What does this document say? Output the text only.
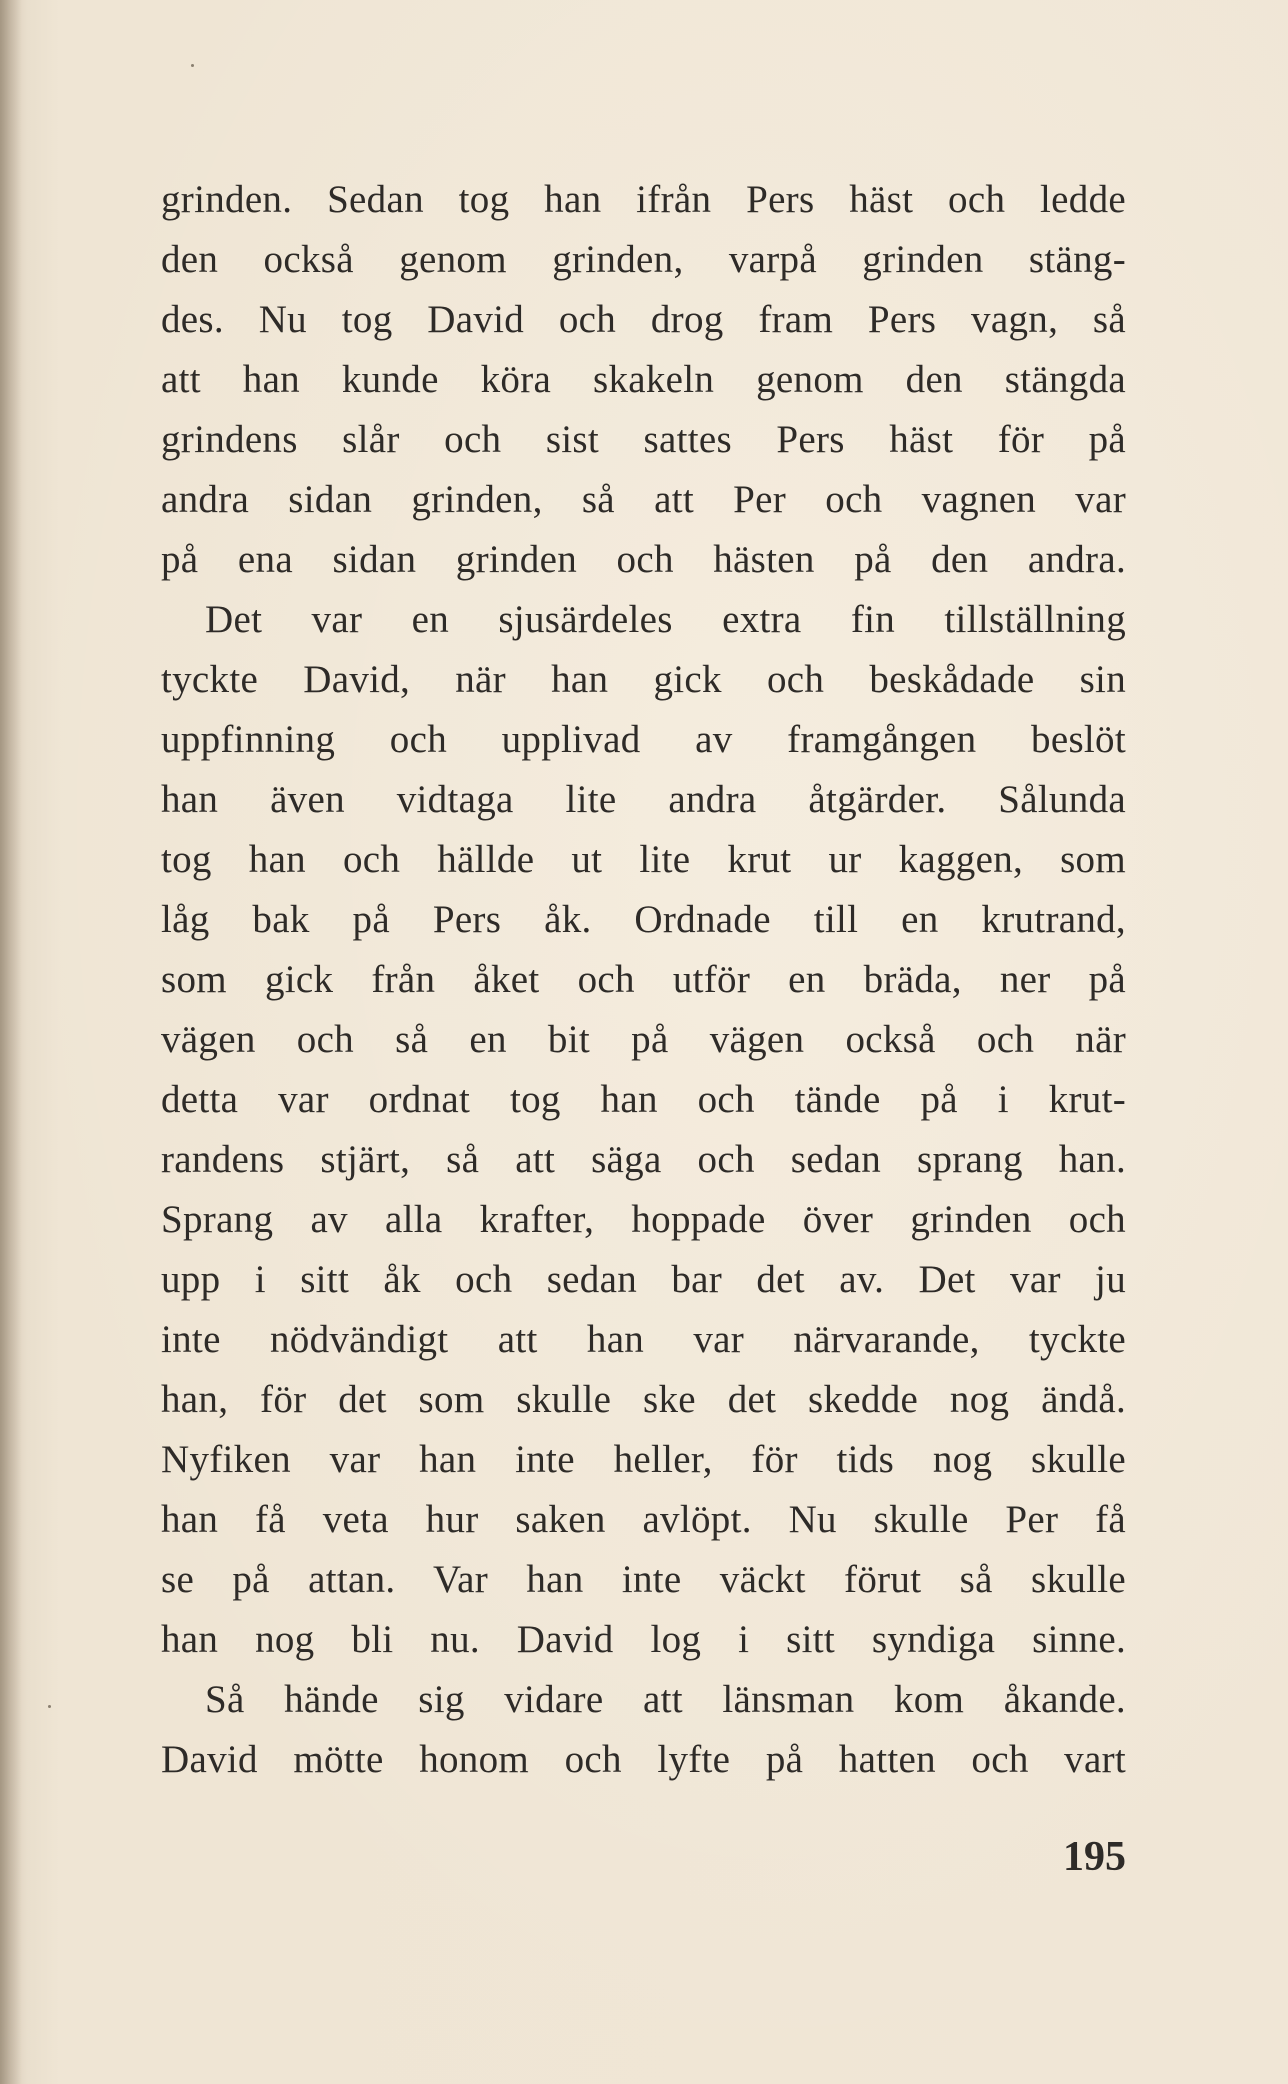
grinden. Sedan tog han ifrån Pers häst och ledde
den också genom grinden, varpå grinden stäng-
des. Nu tog David och drog fram Pers vagn, så
att han kunde köra skakeln genom den stängda
grindens slår och sist sattes Pers häst för på
andra sidan grinden, så att Per och vagnen var
på ena sidan grinden och hästen på den andra.
Det var en sjusärdeles extra fin tillställning
tyckte David, när han gick och beskådade sin
uppfinning och upplivad av framgången beslöt
han även vidtaga lite andra åtgärder. Sålunda
tog han och hällde ut lite krut ur kaggen, som
låg bak på Pers åk. Ordnade till en krutrand,
som gick från åket och utför en bräda, ner på
vägen och så en bit på vägen också och när
detta var ordnat tog han och tände på i krut-
randens stjärt, så att säga och sedan sprang han.
Sprang av alla krafter, hoppade över grinden och
upp i sitt åk och sedan bar det av. Det var ju
inte nödvändigt att han var närvarande, tyckte
han, för det som skulle ske det skedde nog ändå.
Nyfiken var han inte heller, för tids nog skulle
han få veta hur saken avlöpt. Nu skulle Per få
se på attan. Var han inte väckt förut så skulle
han nog bli nu. David log i sitt syndiga sinne.
Så hände sig vidare att länsman kom åkande.
David mötte honom och lyfte på hatten och vart
195
